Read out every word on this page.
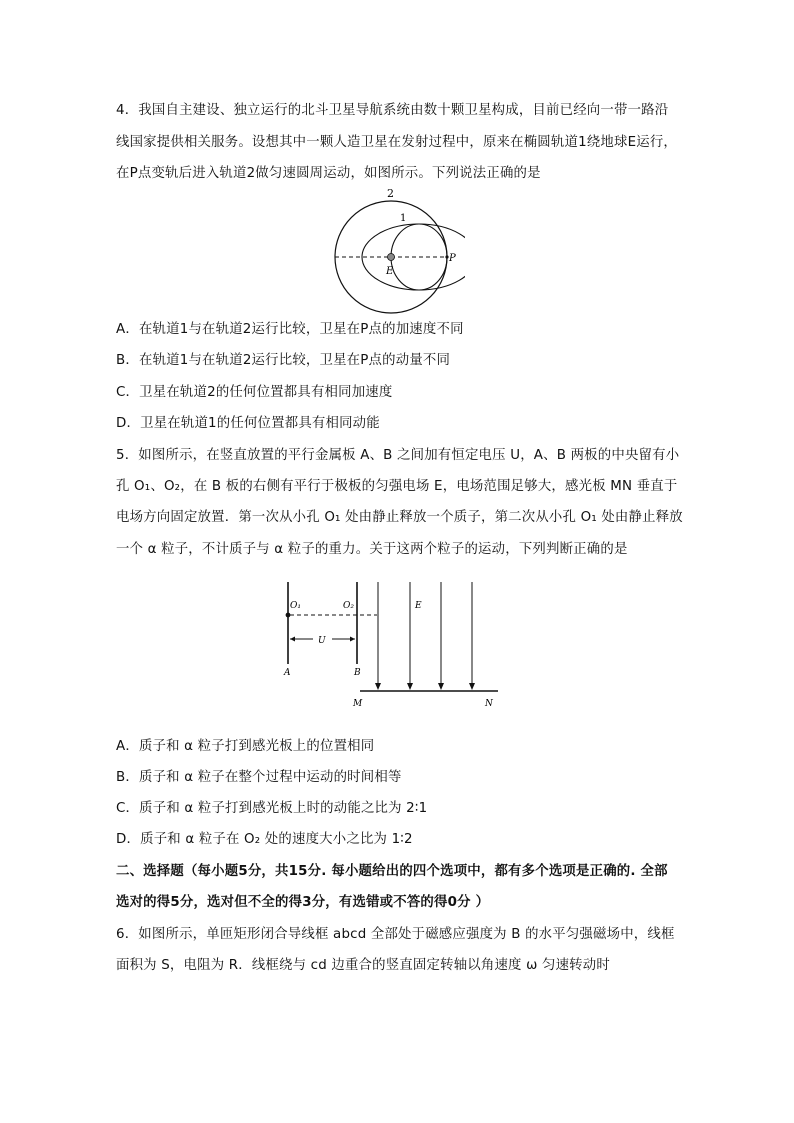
4．我国自主建设、独立运行的北斗卫星导航系统由数十颗卫星构成，目前已经向一带一路沿
线国家提供相关服务。设想其中一颗人造卫星在发射过程中，原来在椭圆轨道1绕地球E运行，
在P点变轨后进入轨道2做匀速圆周运动，如图所示。下列说法正确的是
2
1
E
P
A．在轨道1与在轨道2运行比较，卫星在P点的加速度不同
B．在轨道1与在轨道2运行比较，卫星在P点的动量不同
C．卫星在轨道2的任何位置都具有相同加速度
D．卫星在轨道1的任何位置都具有相同动能
5．如图所示，在竖直放置的平行金属板 A、B 之间加有恒定电压 U，A、B 两板的中央留有小
孔 O₁、O₂，在 B 板的右侧有平行于极板的匀强电场 E，电场范围足够大，感光板 MN 垂直于
电场方向固定放置．第一次从小孔 O₁ 处由静止释放一个质子，第二次从小孔 O₁ 处由静止释放
一个 α 粒子，不计质子与 α 粒子的重力。关于这两个粒子的运动，下列判断正确的是
O₁	O₂	E
U
A	B
M	N
A．质子和 α 粒子打到感光板上的位置相同
B．质子和 α 粒子在整个过程中运动的时间相等
C．质子和 α 粒子打到感光板上时的动能之比为 2∶1
D．质子和 α 粒子在 O₂ 处的速度大小之比为 1∶2
二、选择题（每小题5分，共15分. 每小题给出的四个选项中，都有多个选项是正确的. 全部
选对的得5分，选对但不全的得3分，有选错或不答的得0分 ）
6．如图所示，单匝矩形闭合导线框 abcd 全部处于磁感应强度为 B 的水平匀强磁场中，线框
面积为 S，电阻为 R．线框绕与 cd 边重合的竖直固定转轴以角速度 ω 匀速转动时
